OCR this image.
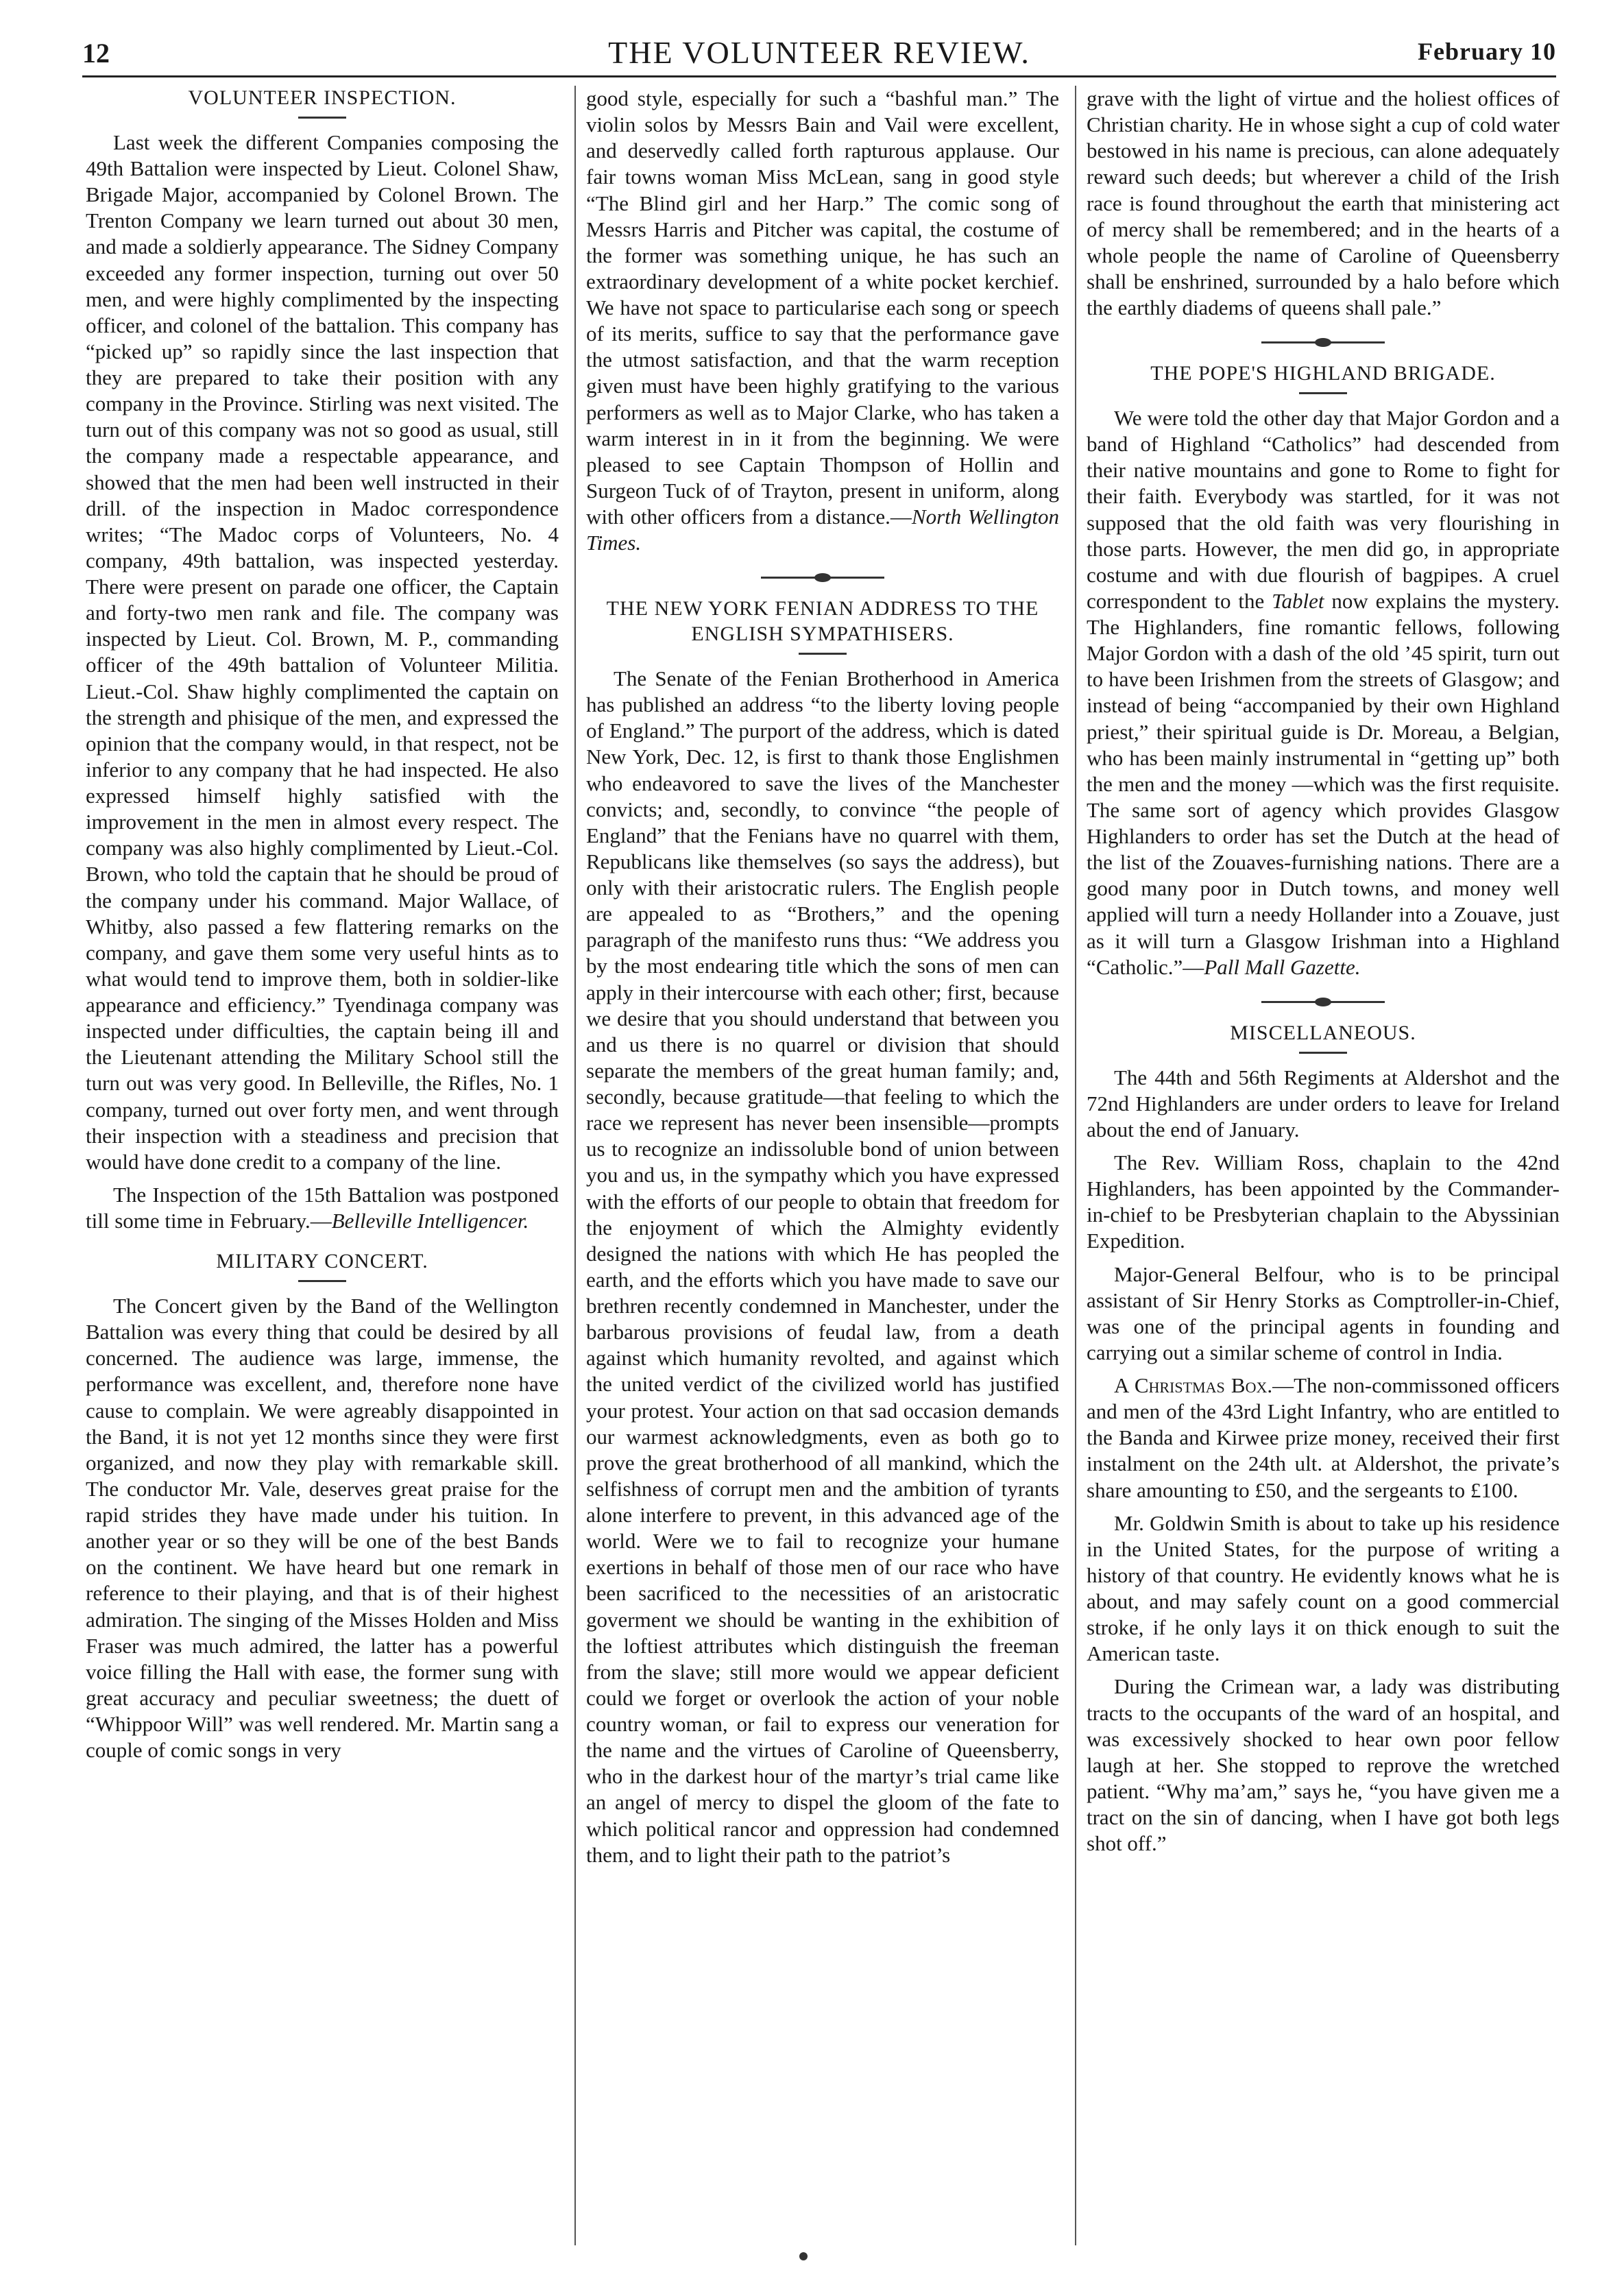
12	THE VOLUNTEER REVIEW.	February 10
VOLUNTEER INSPECTION.

Last week the different Companies composing the 49th Battalion were inspected by Lieut. Colonel Shaw, Brigade Major, accompanied by Colonel Brown. The Trenton Company we learn turned out about 30 men, and made a soldierly appearance. The Sidney Company exceeded any former inspection, turning out over 50 men, and were highly complimented by the inspecting officer, and colonel of the battalion. This company has “picked up” so rapidly since the last inspection that they are prepared to take their position with any company in the Province. Stirling was next visited. The turn out of this company was not so good as usual, still the company made a respectable appearance, and showed that the men had been well instructed in their drill. of the inspection in Madoc correspondence writes; “The Madoc corps of Volunteers, No. 4 company, 49th battalion, was inspected yesterday. There were present on parade one officer, the Captain and forty-two men rank and file. The company was inspected by Lieut. Col. Brown, M. P., commanding officer of the 49th battalion of Volunteer Militia. Lieut.-Col. Shaw highly complimented the captain on the strength and phisique of the men, and expressed the opinion that the company would, in that respect, not be inferior to any company that he had inspected. He also expressed himself highly satisfied with the improvement in the men in almost every respect. The company was also highly complimented by Lieut.-Col. Brown, who told the captain that he should be proud of the company under his command. Major Wallace, of Whitby, also passed a few flattering remarks on the company, and gave them some very useful hints as to what would tend to improve them, both in soldier-like appearance and efficiency.” Tyendinaga company was inspected under difficulties, the captain being ill and the Lieutenant attending the Military School still the turn out was very good. In Belleville, the Rifles, No. 1 company, turned out over forty men, and went through their inspection with a steadiness and precision that would have done credit to a company of the line.

The Inspection of the 15th Battalion was postponed till some time in February.—Belleville Intelligencer.

MILITARY CONCERT.

The Concert given by the Band of the Wellington Battalion was every thing that could be desired by all concerned. The audience was large, immense, the performance was excellent, and, therefore none have cause to complain. We were agreably disappointed in the Band, it is not yet 12 months since they were first organized, and now they play with remarkable skill. The conductor Mr. Vale, deserves great praise for the rapid strides they have made under his tuition. In another year or so they will be one of the best Bands on the continent. We have heard but one remark in reference to their playing, and that is of their highest admiration. The singing of the Misses Holden and Miss Fraser was much admired, the latter has a powerful voice filling the Hall with ease, the former sung with great accuracy and peculiar sweetness; the duett of “Whippoor Will” was well rendered. Mr. Martin sang a couple of comic songs in very

good style, especially for such a “bashful man.” The violin solos by Messrs Bain and Vail were excellent, and deservedly called forth rapturous applause. Our fair towns woman Miss McLean, sang in good style “The Blind girl and her Harp.” The comic song of Messrs Harris and Pitcher was capital, the costume of the former was something unique, he has such an extraordinary development of a white pocket kerchief. We have not space to particularise each song or speech of its merits, suffice to say that the performance gave the utmost satisfaction, and that the warm reception given must have been highly gratifying to the various performers as well as to Major Clarke, who has taken a warm interest in in it from the beginning. We were pleased to see Captain Thompson of Hollin and Surgeon Tuck of of Trayton, present in uniform, along with other officers from a distance.—North Wellington Times.

THE NEW YORK FENIAN ADDRESS TO THE ENGLISH SYMPATHISERS.

The Senate of the Fenian Brotherhood in America has published an address “to the liberty loving people of England.” The purport of the address, which is dated New York, Dec. 12, is first to thank those Englishmen who endeavored to save the lives of the Manchester convicts; and, secondly, to convince “the people of England” that the Fenians have no quarrel with them, Republicans like themselves (so says the address), but only with their aristocratic rulers. The English people are appealed to as “Brothers,” and the opening paragraph of the manifesto runs thus: “We address you by the most endearing title which the sons of men can apply in their intercourse with each other; first, because we desire that you should understand that between you and us there is no quarrel or division that should separate the members of the great human family; and, secondly, because gratitude—that feeling to which the race we represent has never been insensible—prompts us to recognize an indissoluble bond of union between you and us, in the sympathy which you have expressed with the efforts of our people to obtain that freedom for the enjoyment of which the Almighty evidently designed the nations with which He has peopled the earth, and the efforts which you have made to save our brethren recently condemned in Manchester, under the barbarous provisions of feudal law, from a death against which humanity revolted, and against which the united verdict of the civilized world has justified your protest. Your action on that sad occasion demands our warmest acknowledgments, even as both go to prove the great brotherhood of all mankind, which the selfishness of corrupt men and the ambition of tyrants alone interfere to prevent, in this advanced age of the world. Were we to fail to recognize your humane exertions in behalf of those men of our race who have been sacrificed to the necessities of an aristocratic goverment we should be wanting in the exhibition of the loftiest attributes which distinguish the freeman from the slave; still more would we appear deficient could we forget or overlook the action of your noble country woman, or fail to express our veneration for the name and the virtues of Caroline of Queensberry, who in the darkest hour of the martyr’s trial came like an angel of mercy to dispel the gloom of the fate to which political rancor and oppression had condemned them, and to light their path to the patriot’s

grave with the light of virtue and the holiest offices of Christian charity. He in whose sight a cup of cold water bestowed in his name is precious, can alone adequately reward such deeds; but wherever a child of the Irish race is found throughout the earth that ministering act of mercy shall be remembered; and in the hearts of a whole people the name of Caroline of Queensberry shall be enshrined, surrounded by a halo before which the earthly diadems of queens shall pale.”

THE POPE'S HIGHLAND BRIGADE.

We were told the other day that Major Gordon and a band of Highland “Catholics” had descended from their native mountains and gone to Rome to fight for their faith. Everybody was startled, for it was not supposed that the old faith was very flourishing in those parts. However, the men did go, in appropriate costume and with due flourish of bagpipes. A cruel correspondent to the Tablet now explains the mystery. The Highlanders, fine romantic fellows, following Major Gordon with a dash of the old ’45 spirit, turn out to have been Irishmen from the streets of Glasgow; and instead of being “accompanied by their own Highland priest,” their spiritual guide is Dr. Moreau, a Belgian, who has been mainly instrumental in “getting up” both the men and the money —which was the first requisite. The same sort of agency which provides Glasgow Highlanders to order has set the Dutch at the head of the list of the Zouaves-furnishing nations. There are a good many poor in Dutch towns, and money well applied will turn a needy Hollander into a Zouave, just as it will turn a Glasgow Irishman into a Highland “Catholic.”—Pall Mall Gazette.

MISCELLANEOUS.

The 44th and 56th Regiments at Aldershot and the 72nd Highlanders are under orders to leave for Ireland about the end of January.

The Rev. William Ross, chaplain to the 42nd Highlanders, has been appointed by the Commander-in-chief to be Presbyterian chaplain to the Abyssinian Expedition.

Major-General Belfour, who is to be principal assistant of Sir Henry Storks as Comptroller-in-Chief, was one of the principal agents in founding and carrying out a similar scheme of control in India.

A Christmas Box.—The non-commissoned officers and men of the 43rd Light Infantry, who are entitled to the Banda and Kirwee prize money, received their first instalment on the 24th ult. at Aldershot, the private’s share amounting to £50, and the sergeants to £100.

Mr. Goldwin Smith is about to take up his residence in the United States, for the purpose of writing a history of that country. He evidently knows what he is about, and may safely count on a good commercial stroke, if he only lays it on thick enough to suit the American taste.

During the Crimean war, a lady was distributing tracts to the occupants of the ward of an hospital, and was excessively shocked to hear own poor fellow laugh at her. She stopped to reprove the wretched patient. “Why ma’am,” says he, “you have given me a tract on the sin of dancing, when I have got both legs shot off.”
